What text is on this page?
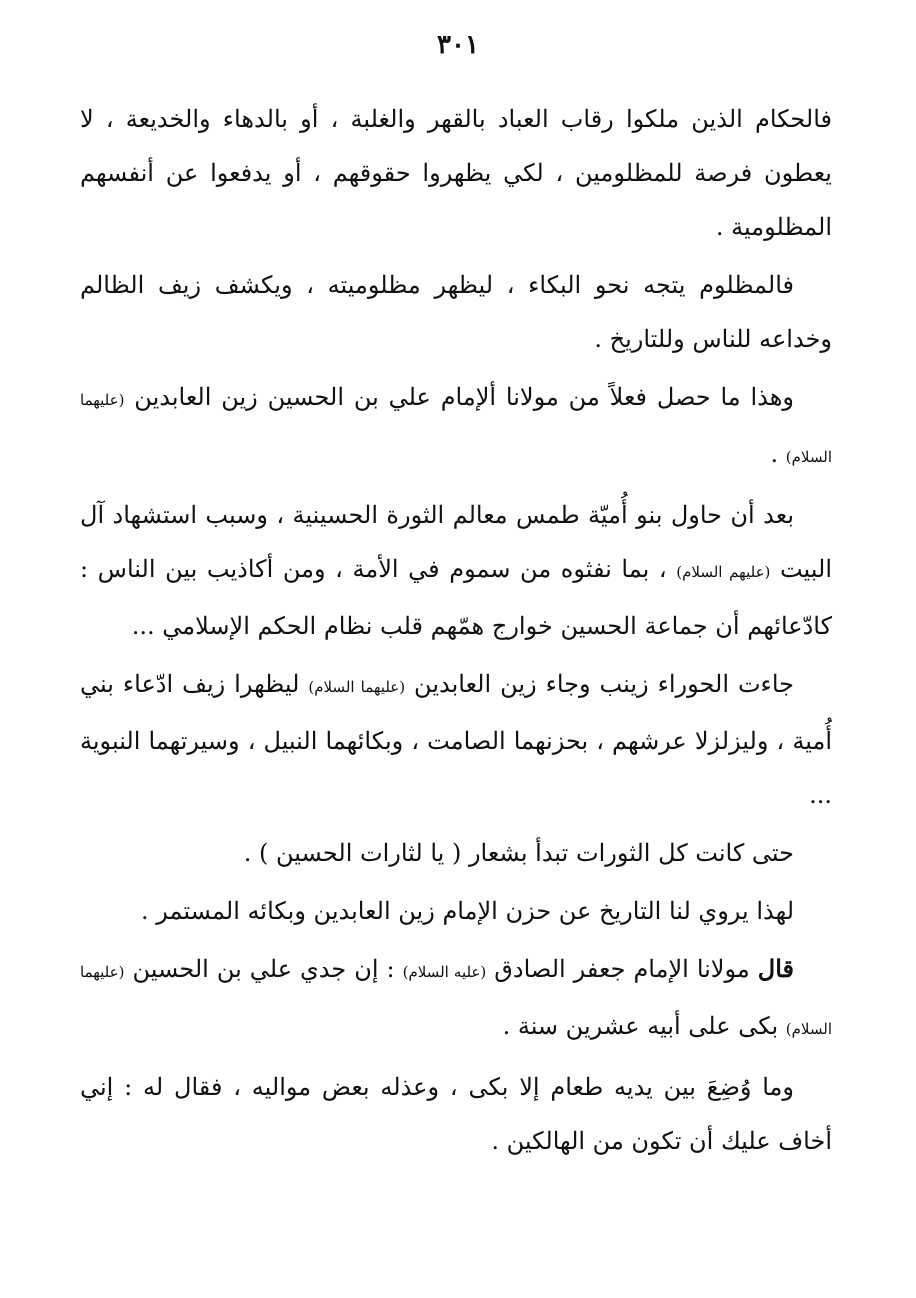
٣٠١

فالحكام الذين ملكوا رقاب العباد بالقهر والغلبة ، أو بالدهاء والخديعة ، لا يعطون فرصة للمظلومين ، لكي يظهروا حقوقهم ، أو يدفعوا عن أنفسهم المظلومية .

فالمظلوم يتجه نحو البكاء ، ليظهر مظلوميته ، ويكشف زيف الظالم وخداعه للناس وللتاريخ .

وهذا ما حصل فعلاً من مولانا ألإمام علي بن الحسين زين العابدين (عليهما السلام) .

بعد أن حاول بنو أُميّة طمس معالم الثورة الحسينية ، وسبب استشهاد آل البيت (عليهم السلام) ، بما نفثوه من سموم في الأمة ، ومن أكاذيب بين الناس : كادّعائهم أن جماعة الحسين خوارج همّهم قلب نظام الحكم الإسلامي ...

جاءت الحوراء زينب وجاء زين العابدين (عليهما السلام) ليظهرا زيف ادّعاء بني أُمية ، وليزلزلا عرشهم ، بحزنهما الصامت ، وبكائهما النبيل ، وسيرتهما النبوية ...

حتى كانت كل الثورات تبدأ بشعار ( يا لثارات الحسين ) .

لهذا يروي لنا التاريخ عن حزن الإمام زين العابدين وبكائه المستمر .

قال مولانا الإمام جعفر الصادق (عليه السلام) : إن جدي علي بن الحسين (عليهما السلام) بكى على أبيه عشرين سنة .

وما وُضِعَ بين يديه طعام إلا بكى ، وعذله بعض مواليه ، فقال له : إني أخاف عليك أن تكون من الهالكين .
